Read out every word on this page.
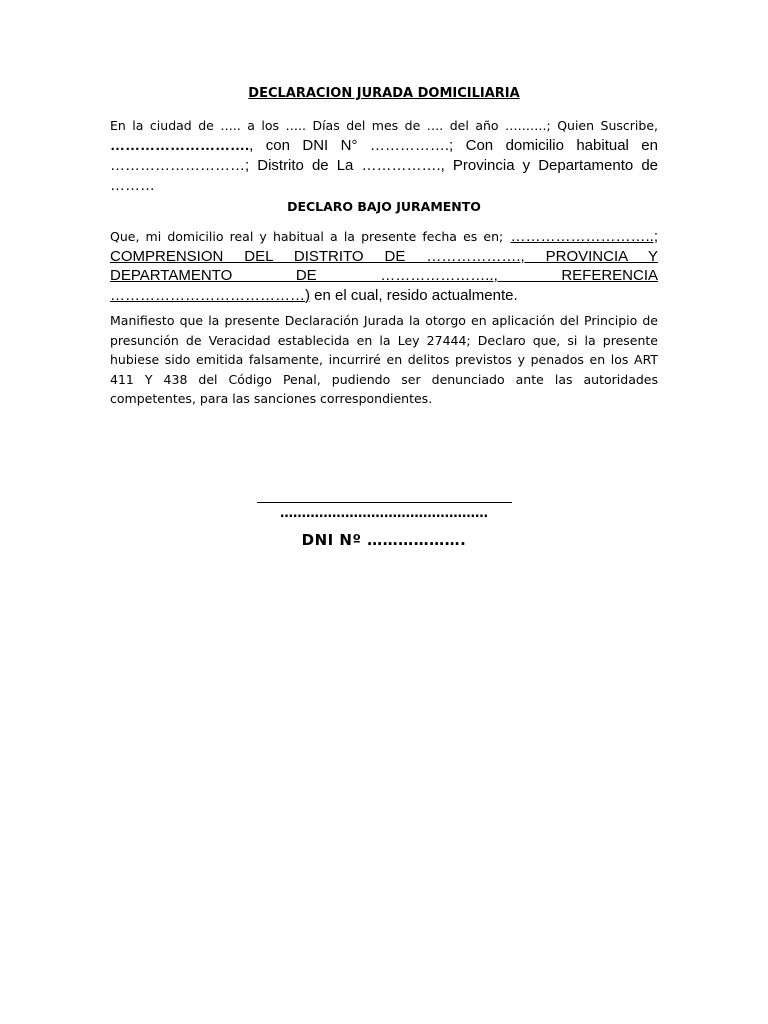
DECLARACION JURADA DOMICILIARIA

En la ciudad de ….. a los ….. Días del mes de …. del año ……….; Quien Suscribe, ………………………., con DNI N° …………….; Con domicilio habitual en ………………………; Distrito de La ……………., Provincia y Departamento de ………

DECLARO BAJO JURAMENTO

Que, mi domicilio real y habitual a la presente fecha es en; ………………………..; COMPRENSION DEL DISTRITO DE ………………., PROVINCIA Y DEPARTAMENTO DE ………………….., REFERENCIA …………………………………) en el cual, resido actualmente.

Manifiesto que la presente Declaración Jurada la otorgo en aplicación del Principio de presunción de Veracidad establecida en la Ley 27444; Declaro que, si la presente hubiese sido emitida falsamente, incurriré en delitos previstos y penados en los ART 411 Y 438 del Código Penal, pudiendo ser denunciado ante las autoridades competentes, para las sanciones correspondientes.

…………………………………………

DNI Nº ……………….
